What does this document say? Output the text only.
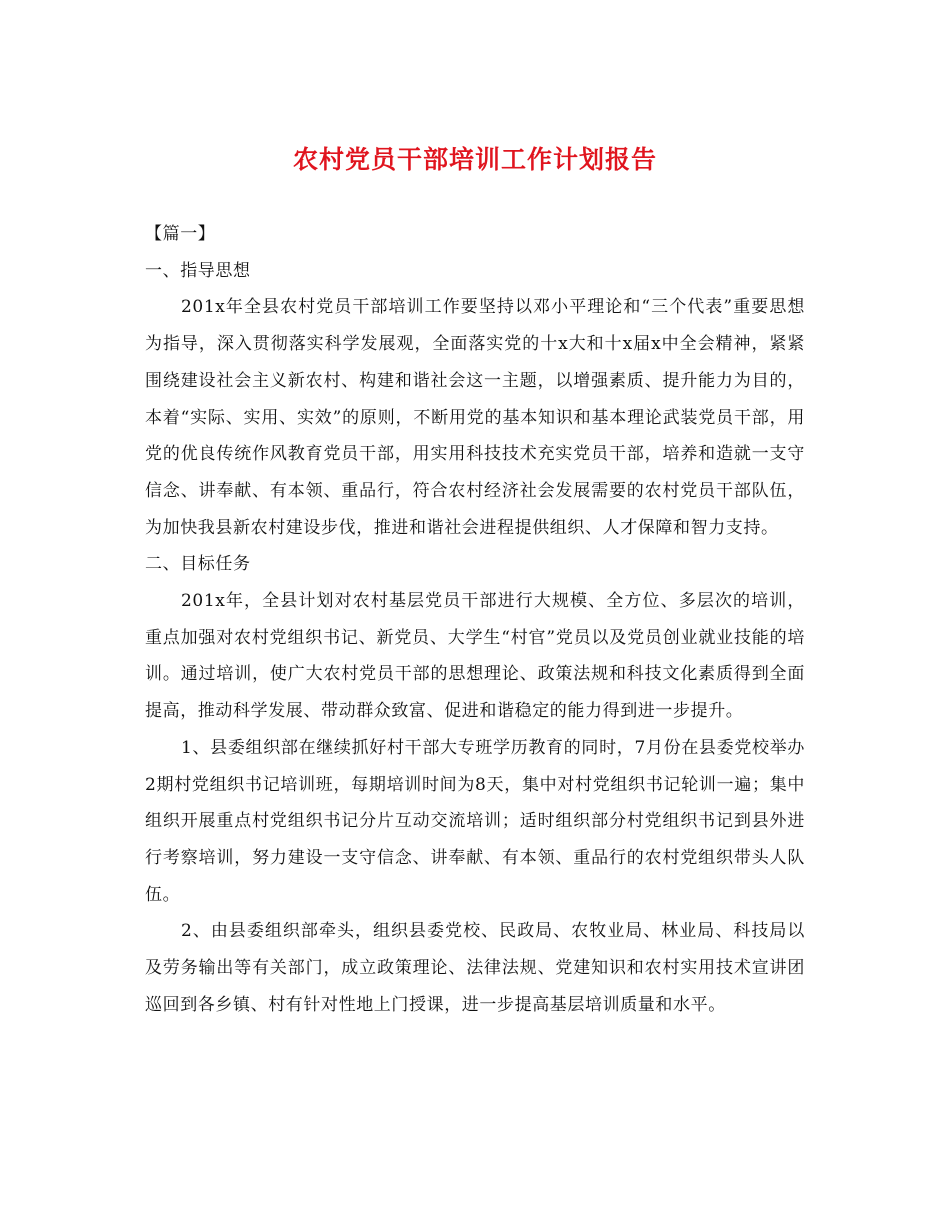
农村党员干部培训工作计划报告

【篇一】

一、指导思想

201x年全县农村党员干部培训工作要坚持以邓小平理论和“三个代表”重要思想为指导，深入贯彻落实科学发展观，全面落实党的十x大和十x届x中全会精神，紧紧围绕建设社会主义新农村、构建和谐社会这一主题，以增强素质、提升能力为目的，本着“实际、实用、实效”的原则，不断用党的基本知识和基本理论武装党员干部，用党的优良传统作风教育党员干部，用实用科技技术充实党员干部，培养和造就一支守信念、讲奉献、有本领、重品行，符合农村经济社会发展需要的农村党员干部队伍，为加快我县新农村建设步伐，推进和谐社会进程提供组织、人才保障和智力支持。

二、目标任务

201x年，全县计划对农村基层党员干部进行大规模、全方位、多层次的培训，重点加强对农村党组织书记、新党员、大学生“村官”党员以及党员创业就业技能的培训。通过培训，使广大农村党员干部的思想理论、政策法规和科技文化素质得到全面提高，推动科学发展、带动群众致富、促进和谐稳定的能力得到进一步提升。

1、县委组织部在继续抓好村干部大专班学历教育的同时，7月份在县委党校举办2期村党组织书记培训班，每期培训时间为8天，集中对村党组织书记轮训一遍；集中组织开展重点村党组织书记分片互动交流培训；适时组织部分村党组织书记到县外进行考察培训，努力建设一支守信念、讲奉献、有本领、重品行的农村党组织带头人队伍。

2、由县委组织部牵头，组织县委党校、民政局、农牧业局、林业局、科技局以及劳务输出等有关部门，成立政策理论、法律法规、党建知识和农村实用技术宣讲团巡回到各乡镇、村有针对性地上门授课，进一步提高基层培训质量和水平。
